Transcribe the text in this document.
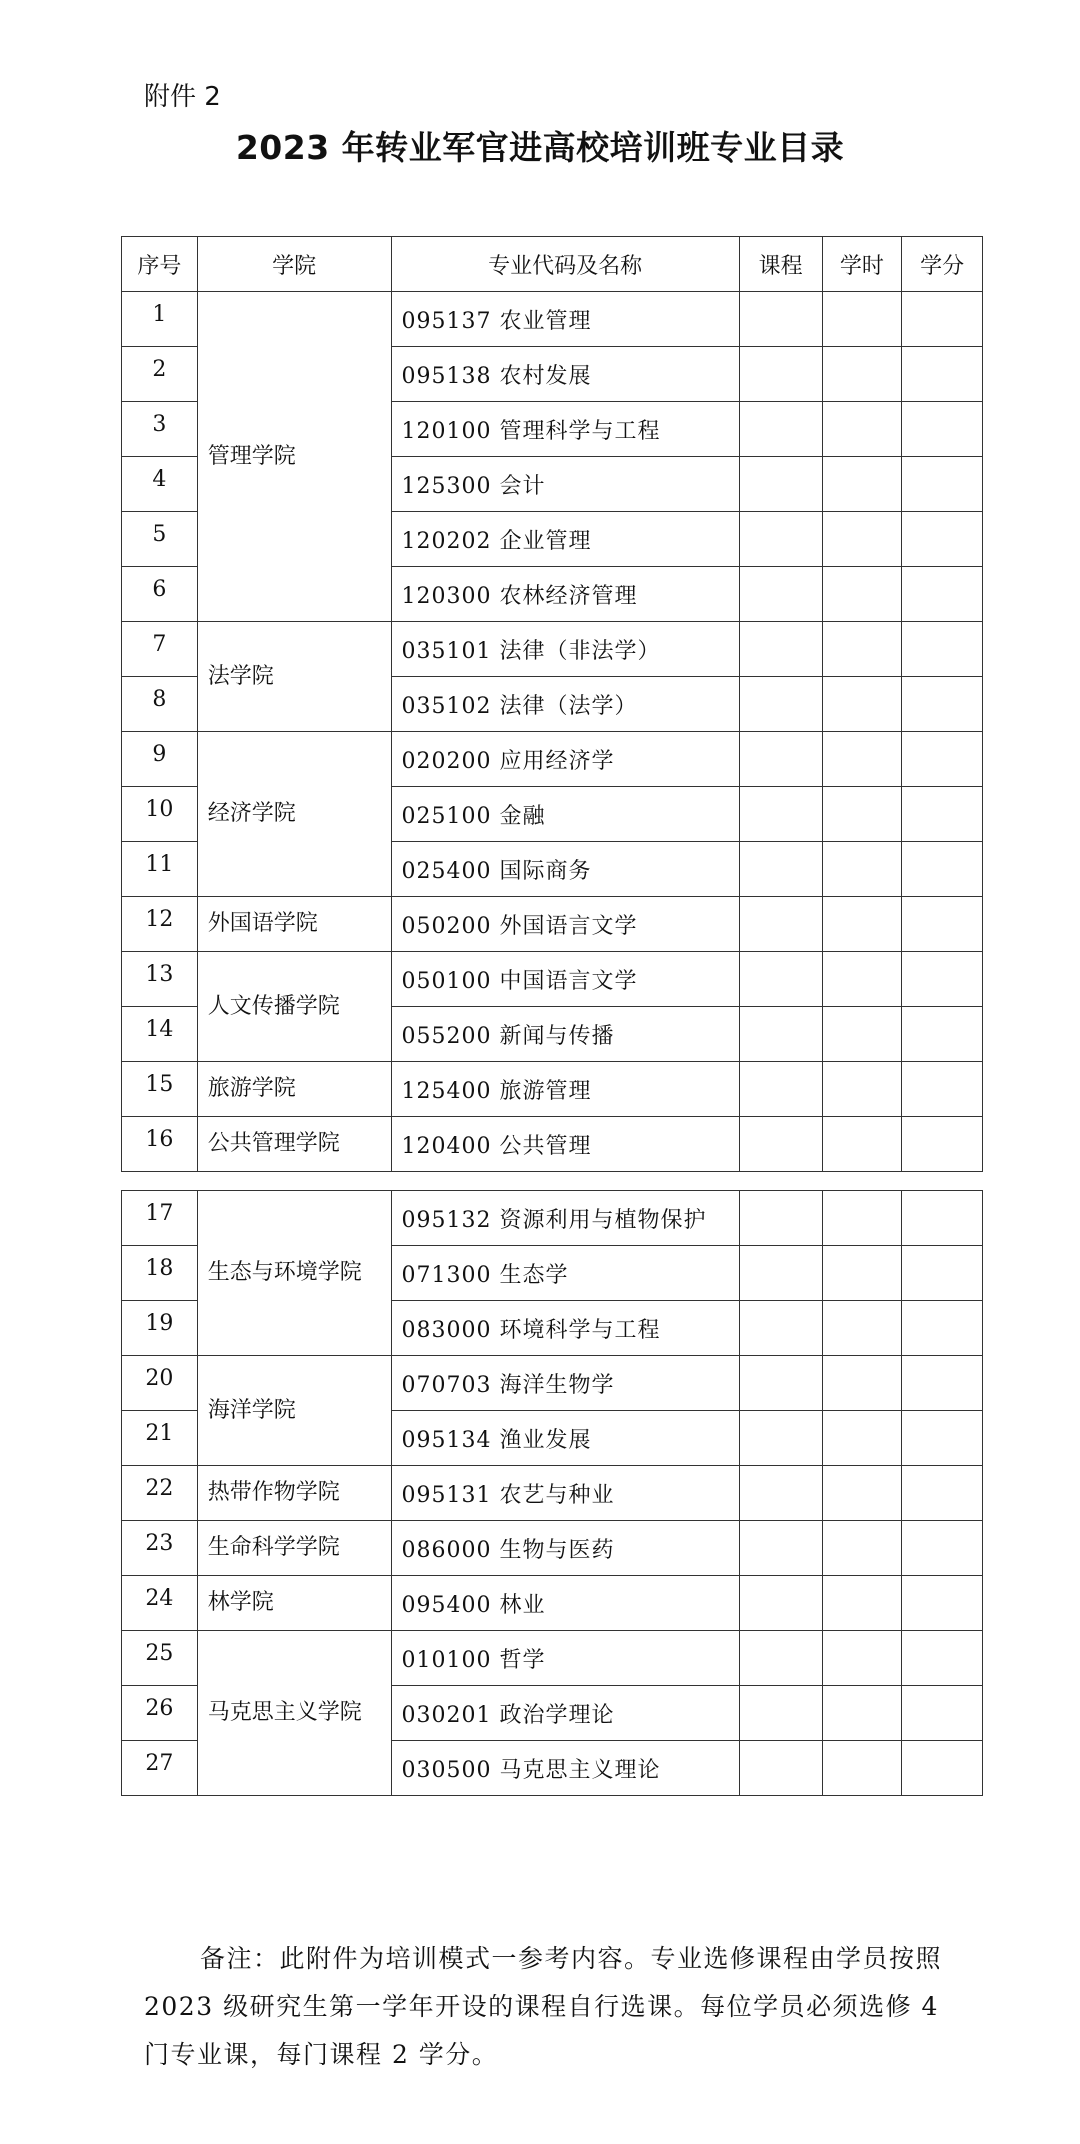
附件 2
2023 年转业军官进高校培训班专业目录
序号	学院	专业代码及名称	课程	学时	学分
1	管理学院	095137 农业管理			
2		095138 农村发展			
3		120100 管理科学与工程			
4		125300 会计			
5		120202 企业管理			
6		120300 农林经济管理			
7	法学院	035101 法律（非法学）			
8		035102 法律（法学）			
9	经济学院	020200 应用经济学			
10		025100 金融			
11		025400 国际商务			
12	外国语学院	050200 外国语言文学			
13	人文传播学院	050100 中国语言文学			
14		055200 新闻与传播			
15	旅游学院	125400 旅游管理			
16	公共管理学院	120400 公共管理			
17	生态与环境学院	095132 资源利用与植物保护			
18		071300 生态学			
19		083000 环境科学与工程			
20	海洋学院	070703 海洋生物学			
21		095134 渔业发展			
22	热带作物学院	095131 农艺与种业			
23	生命科学学院	086000 生物与医药			
24	林学院	095400 林业			
25	马克思主义学院	010100 哲学			
26		030201 政治学理论			
27		030500 马克思主义理论			

备注：此附件为培训模式一参考内容。专业选修课程由学员按照 2023 级研究生第一学年开设的课程自行选课。每位学员必须选修 4 门专业课，每门课程 2 学分。
